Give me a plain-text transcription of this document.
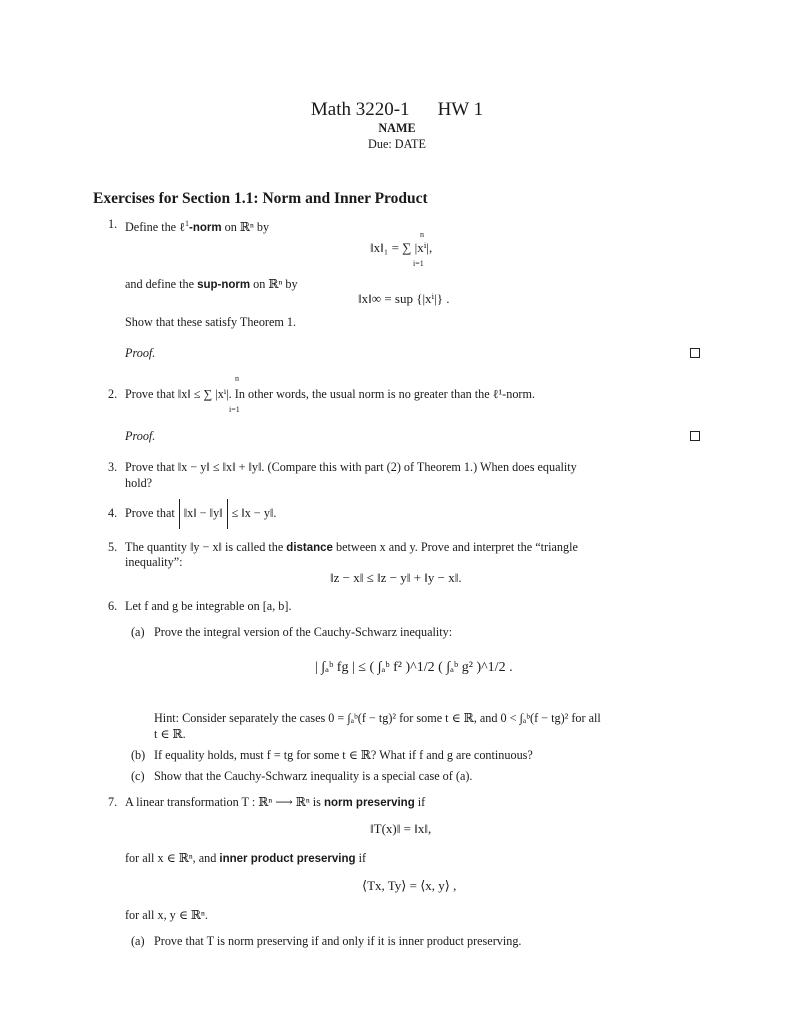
Math 3220-1 HW 1
NAME
Due: DATE
Exercises for Section 1.1: Norm and Inner Product
1. Define the ℓ$^1$-norm on ℝⁿ by
n
‖x‖₁ = ∑ |xⁱ|,
i=1
and define the sup-norm on ℝⁿ by
‖x‖∞ = sup {|xⁱ|} .
Show that these satisfy Theorem 1.
Proof.
2.
n
Prove that ‖x‖ ≤ ∑ |xⁱ|. In other words, the usual norm is no greater than the ℓ¹-norm.
i=1
Proof.
3. Prove that ‖x − y‖ ≤ ‖x‖ + ‖y‖. (Compare this with part (2) of Theorem 1.) When does equality
hold?
4. Prove that ‖x‖ − ‖y‖ ≤ ‖x − y‖.
5. The quantity ‖y − x‖ is called the distance between x and y. Prove and interpret the “triangle
inequality”:
‖z − x‖ ≤ ‖z − y‖ + ‖y − x‖.
6. Let f and g be integrable on [a, b].
(a) Prove the integral version of the Cauchy-Schwarz inequality:
| ∫ₐᵇ fg | ≤ ( ∫ₐᵇ f² )^1/2 ( ∫ₐᵇ g² )^1/2 .
Hint: Consider separately the cases 0 = ∫ₐᵇ(f − tg)² for some t ∈ ℝ, and 0 < ∫ₐᵇ(f − tg)² for all
t ∈ ℝ.
(b) If equality holds, must f = tg for some t ∈ ℝ? What if f and g are continuous?
(c) Show that the Cauchy-Schwarz inequality is a special case of (a).
7. A linear transformation T : ℝⁿ ⟶ ℝⁿ is norm preserving if
‖T(x)‖ = ‖x‖,
for all x ∈ ℝⁿ, and inner product preserving if
⟨Tx, Ty⟩ = ⟨x, y⟩ ,
for all x, y ∈ ℝⁿ.
(a) Prove that T is norm preserving if and only if it is inner product preserving.
